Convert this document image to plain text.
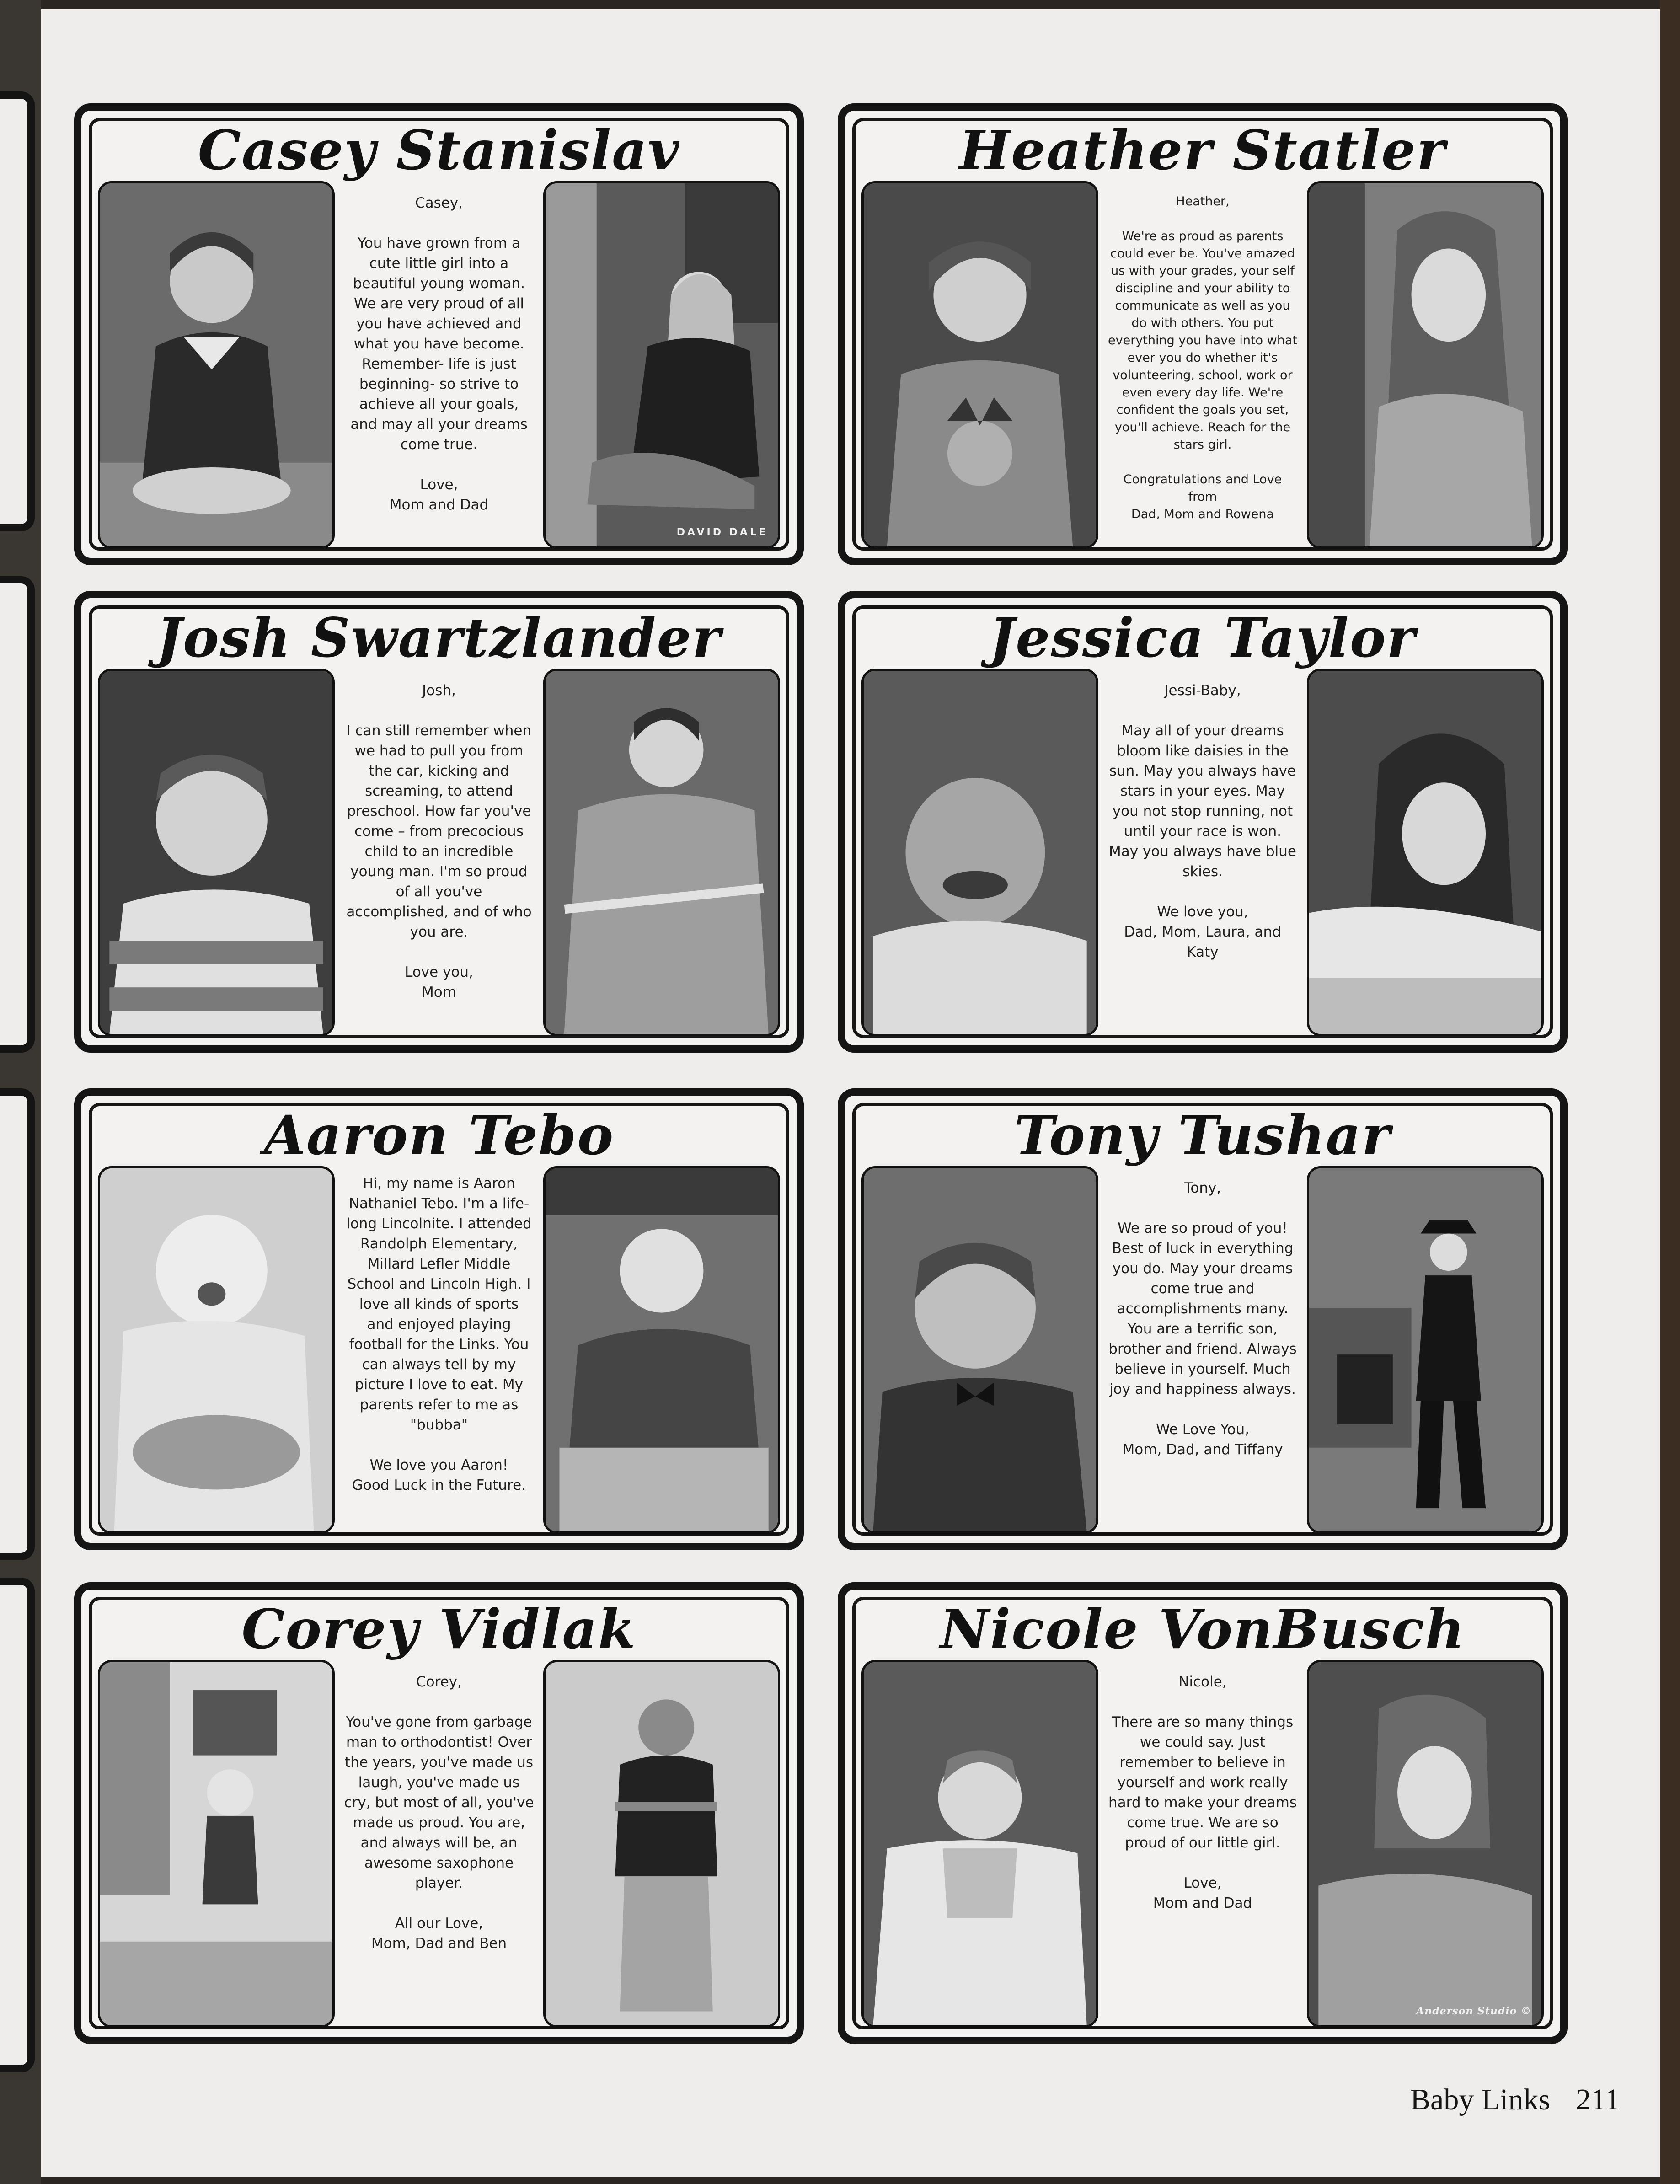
Casey Stanislav

Casey,

You have grown from a cute little girl into a beautiful young woman. We are very proud of all you have achieved and what you have become. Remember- life is just beginning- so strive to achieve all your goals, and may all your dreams come true.

Love,
Mom and Dad
DAVID DALE
Heather Statler

Heather,

We're as proud as parents could ever be. You've amazed us with your grades, your self discipline and your ability to communicate as well as you do with others. You put everything you have into what ever you do whether it's volunteering, school, work or even every day life. We're confident the goals you set, you'll achieve. Reach for the stars girl.

Congratulations and Love from
Dad, Mom and Rowena
Josh Swartzlander

Josh,

I can still remember when we had to pull you from the car, kicking and screaming, to attend preschool. How far you've come – from precocious child to an incredible young man. I'm so proud of all you've accomplished, and of who you are.

Love you,
Mom
Jessica Taylor

Jessi-Baby,

May all of your dreams bloom like daisies in the sun. May you always have stars in your eyes. May you not stop running, not until your race is won. May you always have blue skies.

We love you,
Dad, Mom, Laura, and Katy
Aaron Tebo

Hi, my name is Aaron Nathaniel Tebo. I'm a life-long Lincolnite. I attended Randolph Elementary, Millard Lefler Middle School and Lincoln High. I love all kinds of sports and enjoyed playing football for the Links. You can always tell by my picture I love to eat. My parents refer to me as "bubba"

We love you Aaron!
Good Luck in the Future.
Tony Tushar

Tony,

We are so proud of you! Best of luck in everything you do. May your dreams come true and accomplishments many. You are a terrific son, brother and friend. Always believe in yourself. Much joy and happiness always.

We Love You,
Mom, Dad, and Tiffany
Corey Vidlak

Corey,

You've gone from garbage man to orthodontist! Over the years, you've made us laugh, you've made us cry, but most of all, you've made us proud. You are, and always will be, an awesome saxophone player.

All our Love,
Mom, Dad and Ben
Nicole VonBusch

Nicole,

There are so many things we could say. Just remember to believe in yourself and work really hard to make your dreams come true. We are so proud of our little girl.

Love,
Mom and Dad
Anderson Studio ©
Baby Links 211
